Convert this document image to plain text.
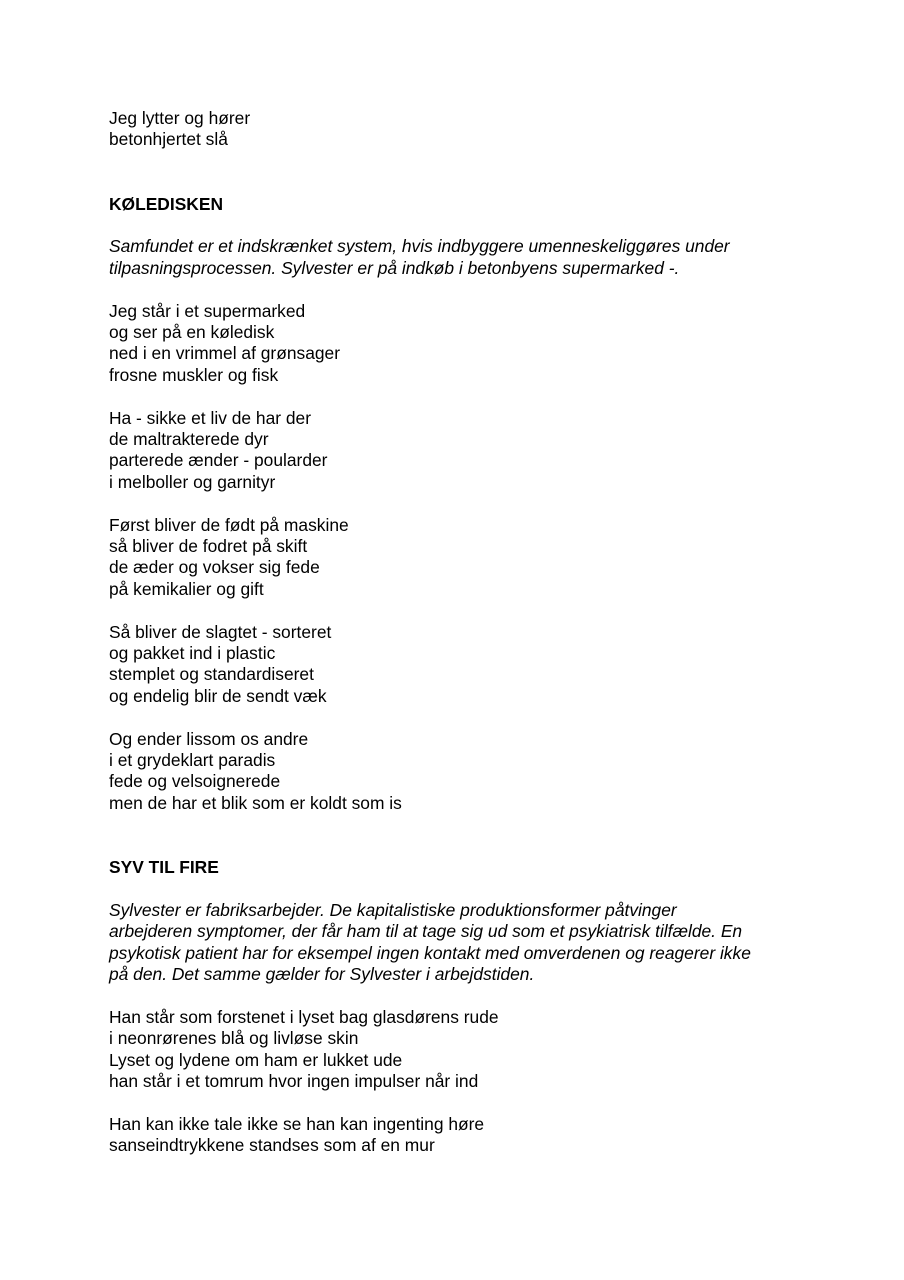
Jeg lytter og hører
betonhjertet slå
KØLEDISKEN
Samfundet er et indskrænket system, hvis indbyggere umenneskeliggøres under
tilpasningsprocessen. Sylvester er på indkøb i betonbyens supermarked -.
Jeg står i et supermarked
og ser på en køledisk
ned i en vrimmel af grønsager
frosne muskler og fisk
Ha - sikke et liv de har der
de maltrakterede dyr
parterede ænder - poularder
i melboller og garnityr
Først bliver de født på maskine
så bliver de fodret på skift
de æder og vokser sig fede
på kemikalier og gift
Så bliver de slagtet - sorteret
og pakket ind i plastic
stemplet og standardiseret
og endelig blir de sendt væk
Og ender lissom os andre
i et grydeklart paradis
fede og velsoignerede
men de har et blik som er koldt som is
SYV TIL FIRE
Sylvester er fabriksarbejder. De kapitalistiske produktionsformer påtvinger
arbejderen symptomer, der får ham til at tage sig ud som et psykiatrisk tilfælde. En
psykotisk patient har for eksempel ingen kontakt med omverdenen og reagerer ikke
på den. Det samme gælder for Sylvester i arbejdstiden.
Han står som forstenet i lyset bag glasdørens rude
i neonrørenes blå og livløse skin
Lyset og lydene om ham er lukket ude
han står i et tomrum hvor ingen impulser når ind
Han kan ikke tale ikke se han kan ingenting høre
sanseindtrykkene standses som af en mur
